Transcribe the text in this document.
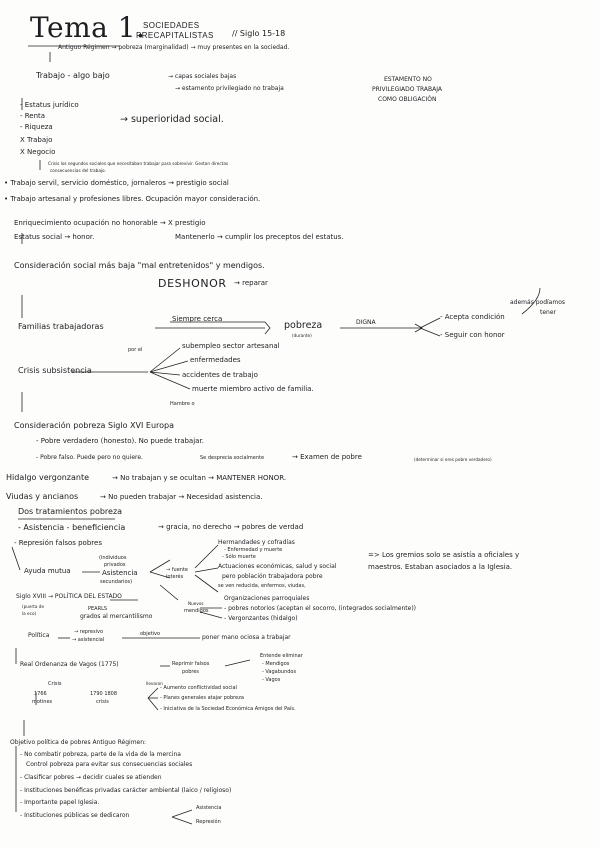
Tema 1.
SOCIEDADES
PRECAPITALISTAS // Siglo 15-18
Antiguo Régimen → pobreza (marginalidad) → muy presentes en la sociedad.
Trabajo - algo bajo	→ capas sociales bajas
→ estamento privilegiado no trabaja
ESTAMENTO NO
PRIVILEGIADO TRABAJA
COMO OBLIGACIÓN
- Estatus jurídico
- Renta
- Riqueza
X Trabajo
X Negocio
→ superioridad social.
Crisis los segundos sociales que necesitaban trabajar para sobrevivir. Gestan directas
consecuencias del trabajo.
• Trabajo servil, servicio doméstico, jornaleros → prestigio social
• Trabajo artesanal y profesiones libres. Ocupación mayor consideración.
Enriquecimiento ocupación no honorable → X prestigio
Estatus social → honor.	Mantenerlo → cumplir los preceptos del estatus.
Consideración social más baja "mal entretenidos" y mendigos.
DESHONOR → reparar
Familias trabajadoras
Siempre cerca
pobreza
(durante)
DIGNA
además podíamos
tener
- Acepta condición
- Seguir con honor
por el
Crisis subsistencia
subempleo sector artesanal
enfermedades
accidentes de trabajo
muerte miembro activo de familia.
Hambre o
Consideración pobreza Siglo XVI Europa
- Pobre verdadero (honesto). No puede trabajar.
- Pobre falso. Puede pero no quiere.	Se desprecia socialmente	→ Examen de pobre	(determinar si eres pobre verdadero)
Hidalgo vergonzante	→ No trabajan y se ocultan → MANTENER HONOR.
Viudas y ancianos	→ No pueden trabajar → Necesidad asistencia.
Dos tratamientos pobreza
- Asistencia - beneficiencia	→ gracia, no derecho → pobres de verdad
- Represión falsos pobres
(individuos
privados
Ayuda mutua	Asistencia
secundarios)
→ fuente
interés
Hermandades y cofradías
- Enfermedad y muerte
- Sólo muerte
Actuaciones económicas, salud y social
pero población trabajadora pobre
se ven reducida, enfermos, viudas,
=> Los gremios solo se asistía a oficiales y
maestros. Estaban asociados a la Iglesia.
Organizaciones parroquiales
Siglo XVIII → POLÍTICA DEL ESTADO
(puerta de
la eco)
PEARLS
grados al mercantilismo
Nuevos
mendigos	- pobres notorios (aceptan el socorro, (integrados socialmente))
- Vergonzantes (hidalgo)
Política	→ represivo
→ asistencial
objetivo	poner mano ociosa a trabajar
Real Ordenanza de Vagos (1775)	Reprimir falsos
pobres
Entende eliminar
- Mendigos
- Vagabundos
- Vagos
Crisis
1766
motines
1790 1808
crisis
llevaron
- Aumento conflictividad social
- Planes generales atajar pobreza
- Iniciativa de la Sociedad Económica Amigos del País.
Objetivo política de pobres Antiguo Régimen:
- No combatir pobreza, parte de la vida de la mercina
Control pobreza para evitar sus consecuencias sociales
- Clasificar pobres → decidir cuales se atienden
- Instituciones benéficas privadas carácter ambiental (laico / religioso)
- Importante papel Iglesia.
- Instituciones públicas se dedicaron
Asistencia
Represión
